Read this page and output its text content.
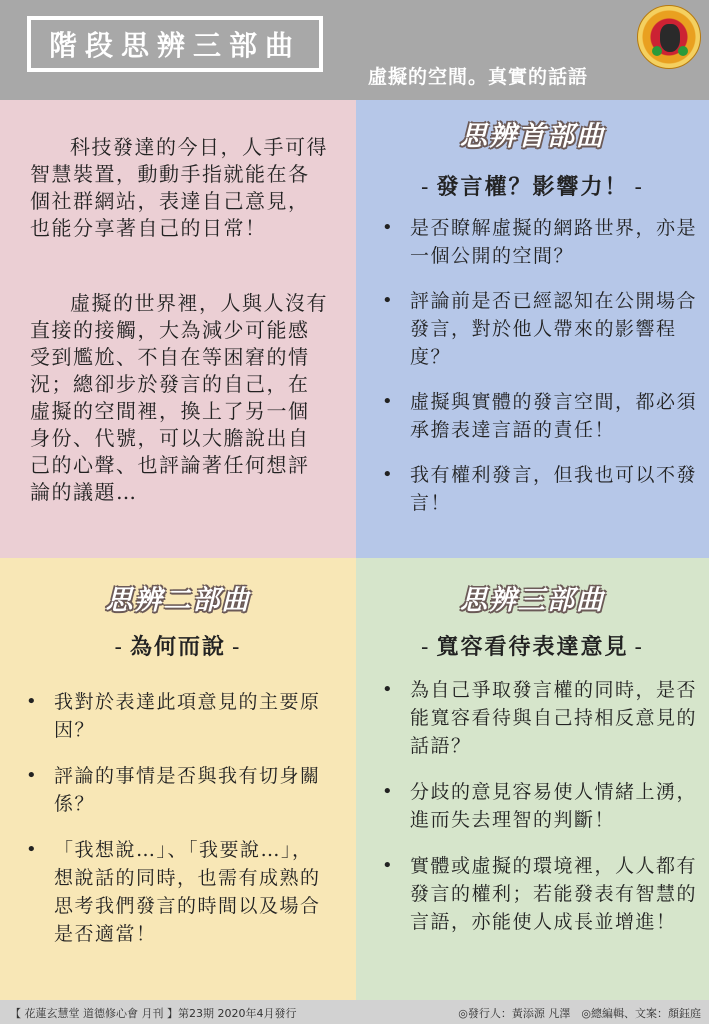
階段思辨三部曲
虛擬的空間。真實的話語

科技發達的今日，人手可得智慧裝置，動動手指就能在各個社群網站，表達自己意見，也能分享著自己的日常！

虛擬的世界裡，人與人沒有直接的接觸，大為減少可能感受到尷尬、不自在等困窘的情況；總卻步於發言的自己，在虛擬的空間裡，換上了另一個身份、代號，可以大膽說出自己的心聲、也評論著任何想評論的議題…

思辨首部曲
- 發言權？影響力！ -
• 是否瞭解虛擬的網路世界，亦是一個公開的空間？
• 評論前是否已經認知在公開場合發言，對於他人帶來的影響程度？
• 虛擬與實體的發言空間，都必須承擔表達言語的責任！
• 我有權利發言，但我也可以不發言！
思辨二部曲
- 為何而說 -
• 我對於表達此項意見的主要原因？
• 評論的事情是否與我有切身關係？
• 「我想說…」、「我要說…」，想說話的同時，也需有成熟的思考我們發言的時間以及場合是否適當！
思辨三部曲
- 寬容看待表達意見 -
• 為自己爭取發言權的同時，是否能寬容看待與自己持相反意見的話語？
• 分歧的意見容易使人情緒上湧，進而失去理智的判斷！
• 實體或虛擬的環境裡，人人都有發言的權利；若能發表有智慧的言語，亦能使人成長並增進！
【 花蓮玄慧堂 道德修心會 月刊 】第23期 2020年4月發行	◎發行人：黃添源 凡澤　◎總編輯、文案：顏鈺庭
